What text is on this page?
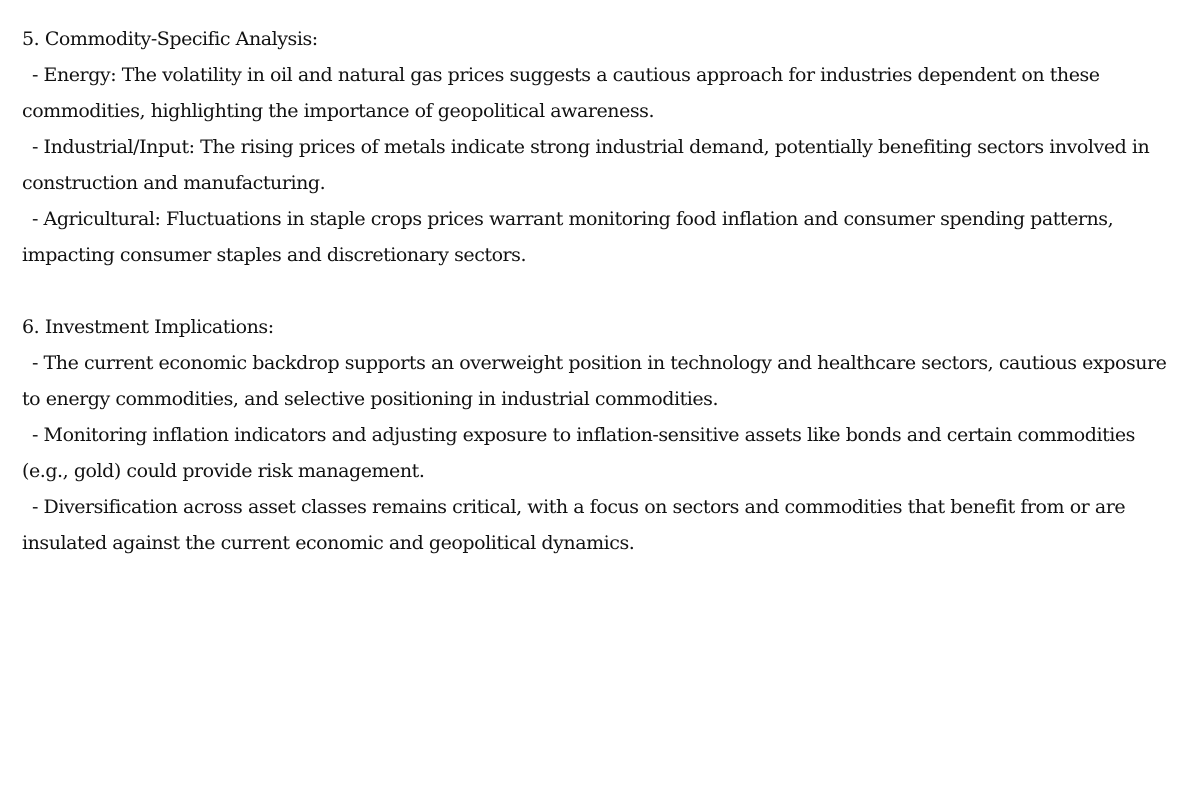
5. Commodity-Specific Analysis:
- Energy: The volatility in oil and natural gas prices suggests a cautious approach for industries dependent on these commodities, highlighting the importance of geopolitical awareness.
- Industrial/Input: The rising prices of metals indicate strong industrial demand, potentially benefiting sectors involved in construction and manufacturing.
- Agricultural: Fluctuations in staple crops prices warrant monitoring food inflation and consumer spending patterns, impacting consumer staples and discretionary sectors.
6. Investment Implications:
- The current economic backdrop supports an overweight position in technology and healthcare sectors, cautious exposure to energy commodities, and selective positioning in industrial commodities.
- Monitoring inflation indicators and adjusting exposure to inflation-sensitive assets like bonds and certain commodities (e.g., gold) could provide risk management.
- Diversification across asset classes remains critical, with a focus on sectors and commodities that benefit from or are insulated against the current economic and geopolitical dynamics.
